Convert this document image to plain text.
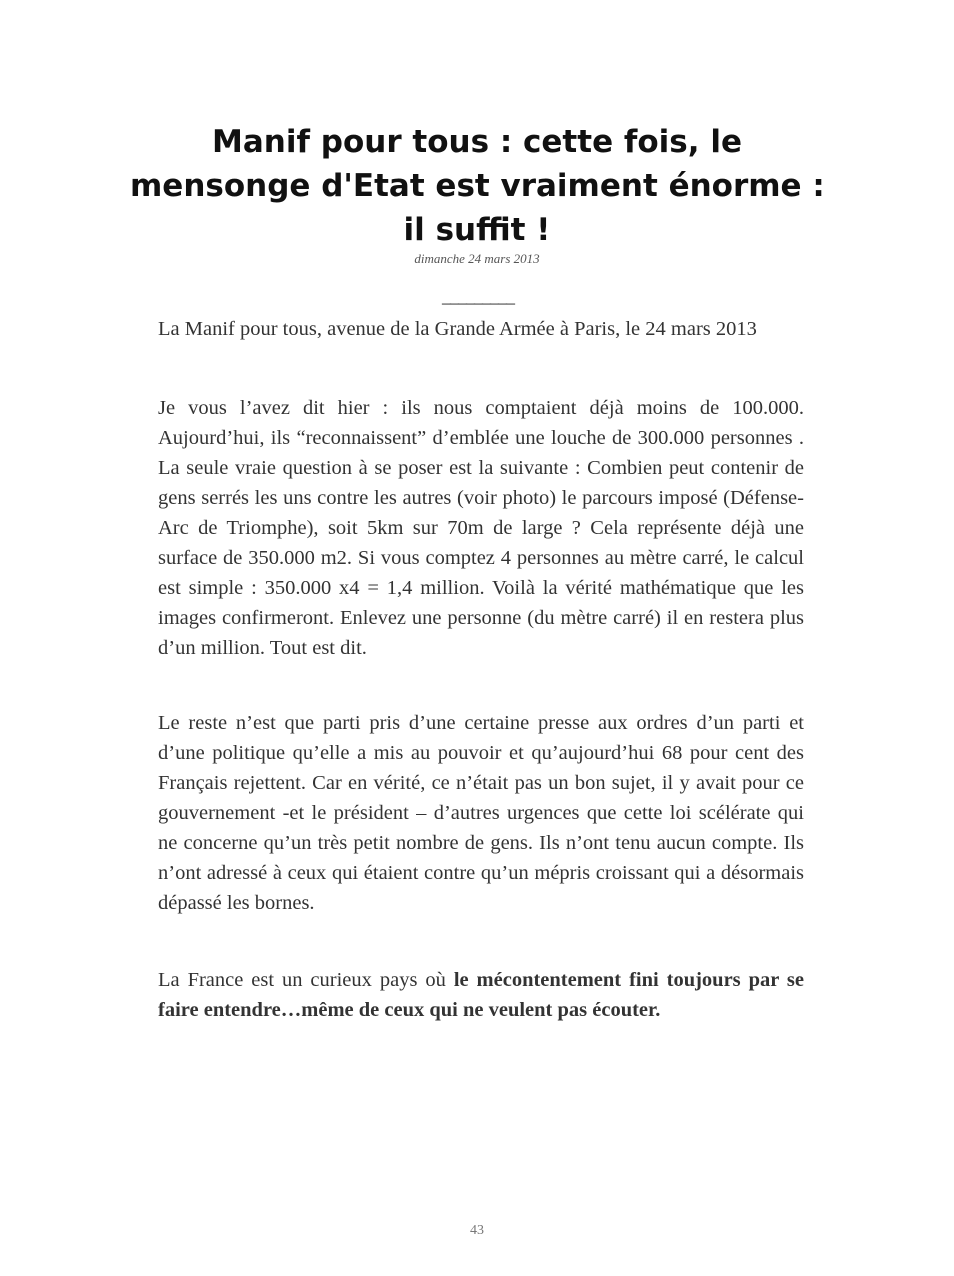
Manif pour tous : cette fois, le
mensonge d'Etat est vraiment énorme :
il suffit !
dimanche 24 mars 2013
_________

La Manif pour tous, avenue de la Grande Armée à Paris, le 24 mars 2013

Je vous l’avez dit hier : ils nous comptaient déjà moins de 100.000. Aujourd’hui, ils “reconnaissent” d’emblée une louche de 300.000 personnes . La seule vraie question à se poser est la suivante : Combien peut contenir de gens serrés les uns contre les autres (voir photo) le parcours imposé (Défense-Arc de Triomphe), soit 5km sur 70m de large ? Cela représente déjà une surface de 350.000 m2. Si vous comptez 4 personnes au mètre carré, le calcul est simple : 350.000 x4 = 1,4 million. Voilà la vérité mathématique que les images confirmeront. Enlevez une personne (du mètre carré) il en restera plus d’un million. Tout est dit.

Le reste n’est que parti pris d’une certaine presse aux ordres d’un parti et d’une politique qu’elle a mis au pouvoir et qu’aujourd’hui 68 pour cent des Français rejettent. Car en vérité, ce n’était pas un bon sujet, il y avait pour ce gouvernement -et le président – d’autres urgences que cette loi scélérate qui ne concerne qu’un très petit nombre de gens. Ils n’ont tenu aucun compte. Ils n’ont adressé à ceux qui étaient contre qu’un mépris croissant qui a désormais dépassé les bornes.

La France est un curieux pays où le mécontentement fini toujours par se faire entendre…même de ceux qui ne veulent pas écouter.

43
